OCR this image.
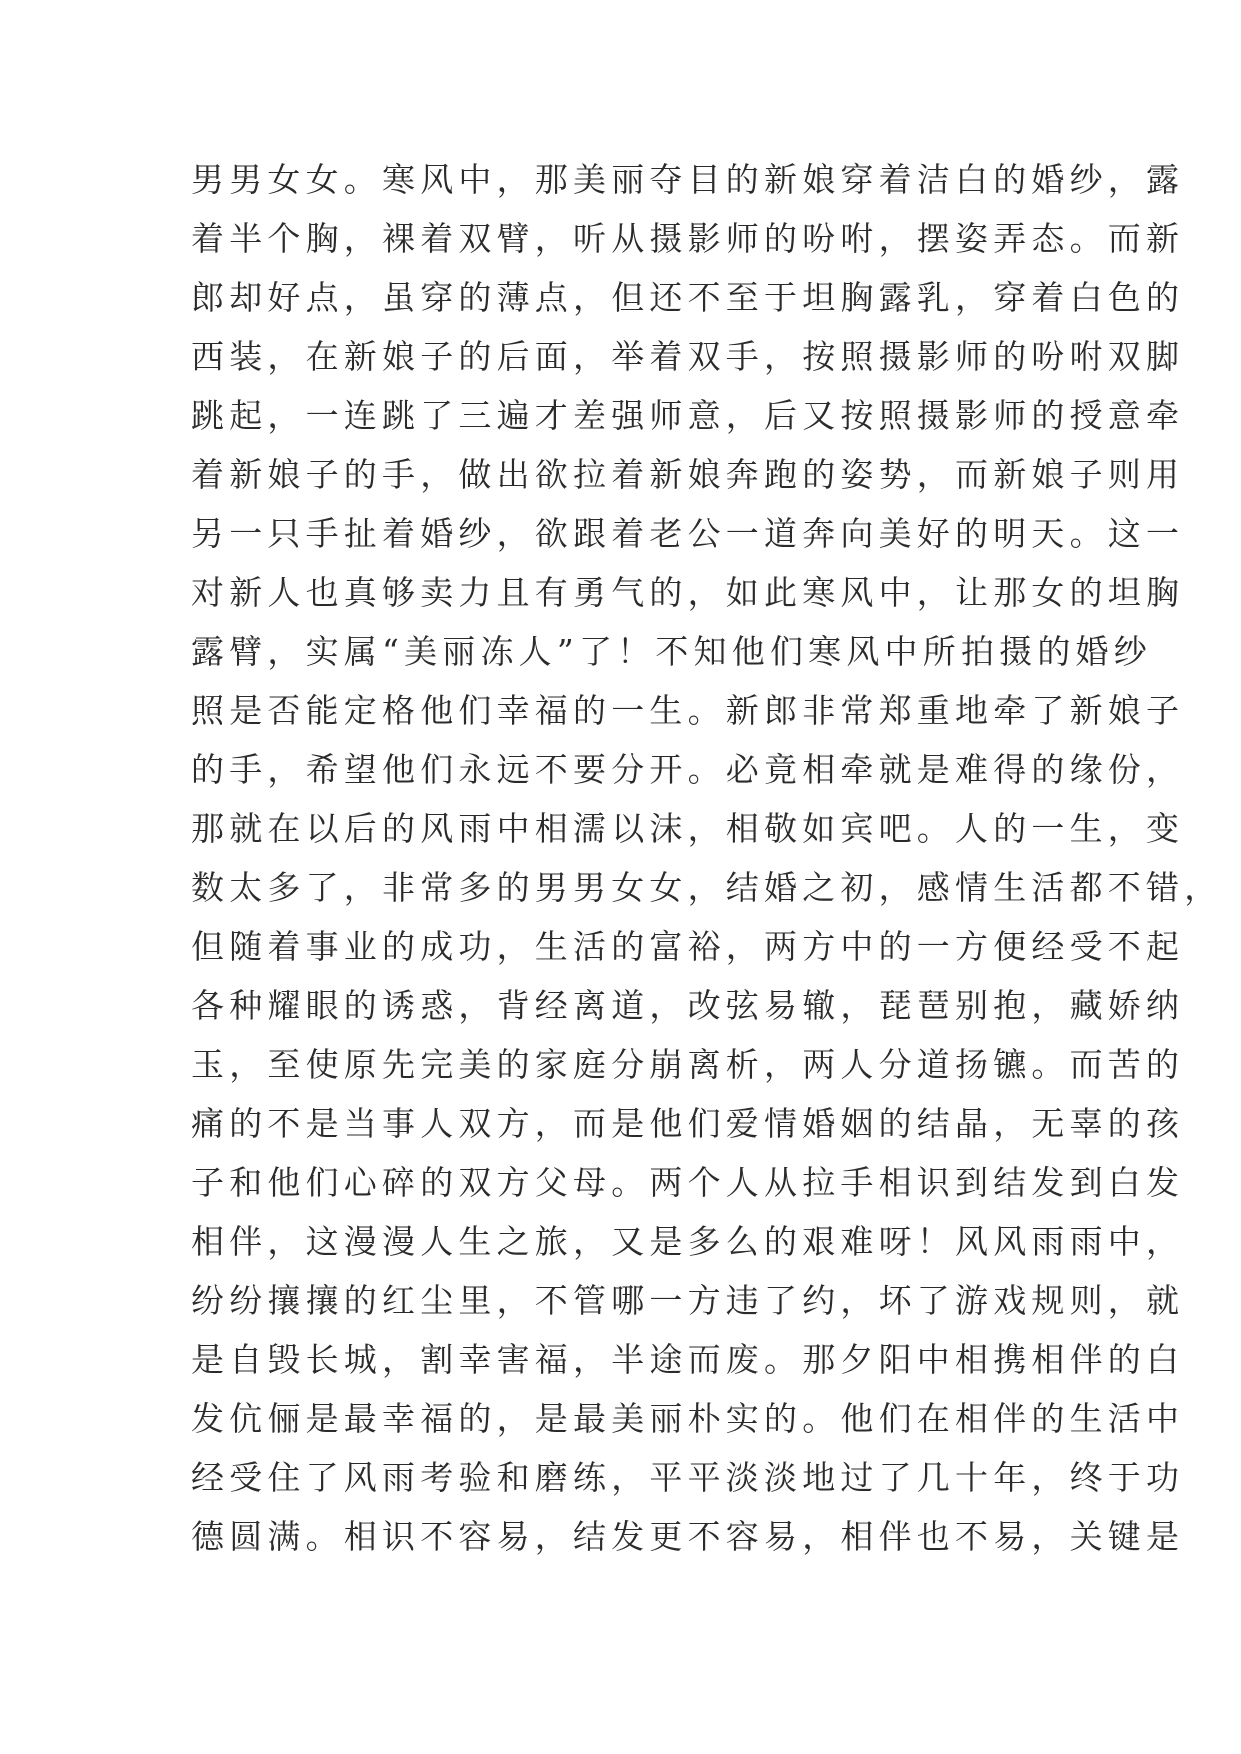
男男女女。寒风中，那美丽夺目的新娘穿着洁白的婚纱，露
着半个胸，裸着双臂，听从摄影师的吩咐，摆姿弄态。而新
郎却好点，虽穿的薄点，但还不至于坦胸露乳，穿着白色的
西装，在新娘子的后面，举着双手，按照摄影师的吩咐双脚
跳起，一连跳了三遍才差强师意，后又按照摄影师的授意牵
着新娘子的手，做出欲拉着新娘奔跑的姿势，而新娘子则用
另一只手扯着婚纱，欲跟着老公一道奔向美好的明天。这一
对新人也真够卖力且有勇气的，如此寒风中，让那女的坦胸
露臂，实属“美丽冻人”了！不知他们寒风中所拍摄的婚纱
照是否能定格他们幸福的一生。新郎非常郑重地牵了新娘子
的手，希望他们永远不要分开。必竟相牵就是难得的缘份，
那就在以后的风雨中相濡以沫，相敬如宾吧。人的一生，变
数太多了，非常多的男男女女，结婚之初，感情生活都不错，
但随着事业的成功，生活的富裕，两方中的一方便经受不起
各种耀眼的诱惑，背经离道，改弦易辙，琵琶别抱，藏娇纳
玉，至使原先完美的家庭分崩离析，两人分道扬镳。而苦的
痛的不是当事人双方，而是他们爱情婚姻的结晶，无辜的孩
子和他们心碎的双方父母。两个人从拉手相识到结发到白发
相伴，这漫漫人生之旅，又是多么的艰难呀！风风雨雨中，
纷纷攘攘的红尘里，不管哪一方违了约，坏了游戏规则，就
是自毁长城，割幸害福，半途而废。那夕阳中相携相伴的白
发伉俪是最幸福的，是最美丽朴实的。他们在相伴的生活中
经受住了风雨考验和磨练，平平淡淡地过了几十年，终于功
德圆满。相识不容易，结发更不容易，相伴也不易，关键是
